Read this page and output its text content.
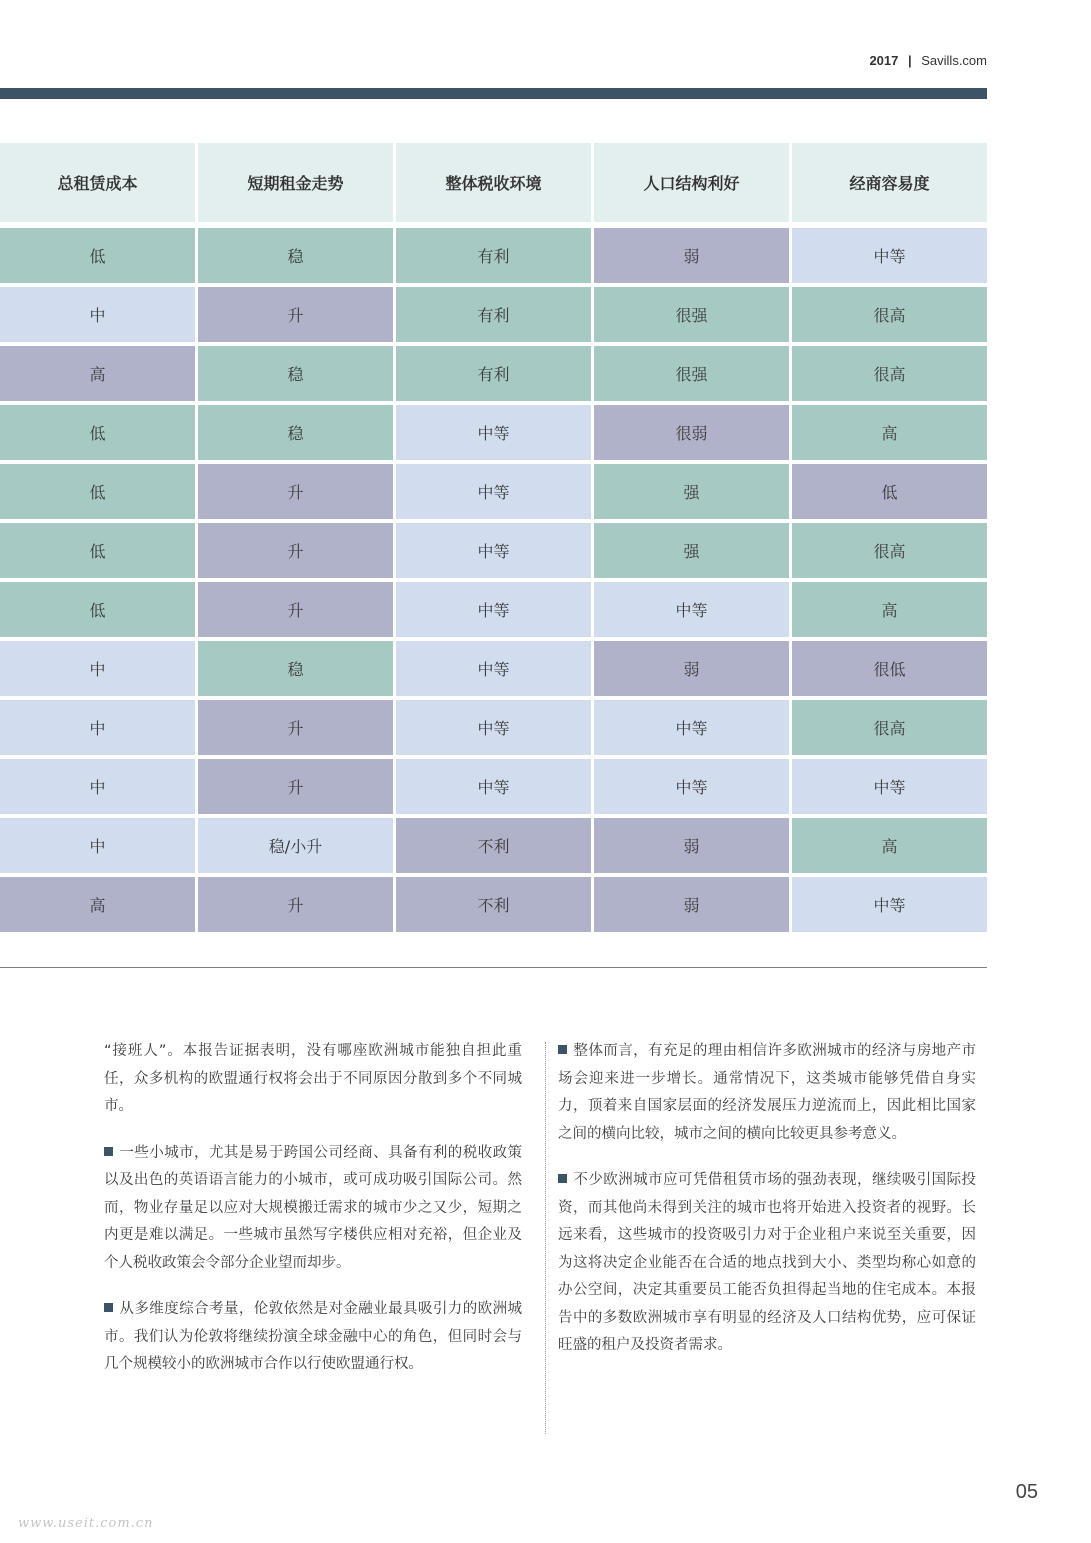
2017 | Savills.com
总租赁成本	短期租金走势	整体税收环境	人口结构利好	经商容易度
低	稳	有利	弱	中等
中	升	有利	很强	很高
高	稳	有利	很强	很高
低	稳	中等	很弱	高
低	升	中等	强	低
低	升	中等	强	很高
低	升	中等	中等	高
中	稳	中等	弱	很低
中	升	中等	中等	很高
中	升	中等	中等	中等
中	稳/小升	不利	弱	高
高	升	不利	弱	中等

“接班人”。本报告证据表明，没有哪座欧洲城市能独自担此重任，众多机构的欧盟通行权将会出于不同原因分散到多个不同城市。

一些小城市，尤其是易于跨国公司经商、具备有利的税收政策以及出色的英语语言能力的小城市，或可成功吸引国际公司。然而，物业存量足以应对大规模搬迁需求的城市少之又少，短期之内更是难以满足。一些城市虽然写字楼供应相对充裕，但企业及个人税收政策会令部分企业望而却步。

从多维度综合考量，伦敦依然是对金融业最具吸引力的欧洲城市。我们认为伦敦将继续扮演全球金融中心的角色，但同时会与几个规模较小的欧洲城市合作以行使欧盟通行权。

整体而言，有充足的理由相信许多欧洲城市的经济与房地产市场会迎来进一步增长。通常情况下，这类城市能够凭借自身实力，顶着来自国家层面的经济发展压力逆流而上，因此相比国家之间的横向比较，城市之间的横向比较更具参考意义。

不少欧洲城市应可凭借租赁市场的强劲表现，继续吸引国际投资，而其他尚未得到关注的城市也将开始进入投资者的视野。长远来看，这些城市的投资吸引力对于企业租户来说至关重要，因为这将决定企业能否在合适的地点找到大小、类型均称心如意的办公空间，决定其重要员工能否负担得起当地的住宅成本。本报告中的多数欧洲城市享有明显的经济及人口结构优势，应可保证旺盛的租户及投资者需求。

05
www.useit.com.cn
